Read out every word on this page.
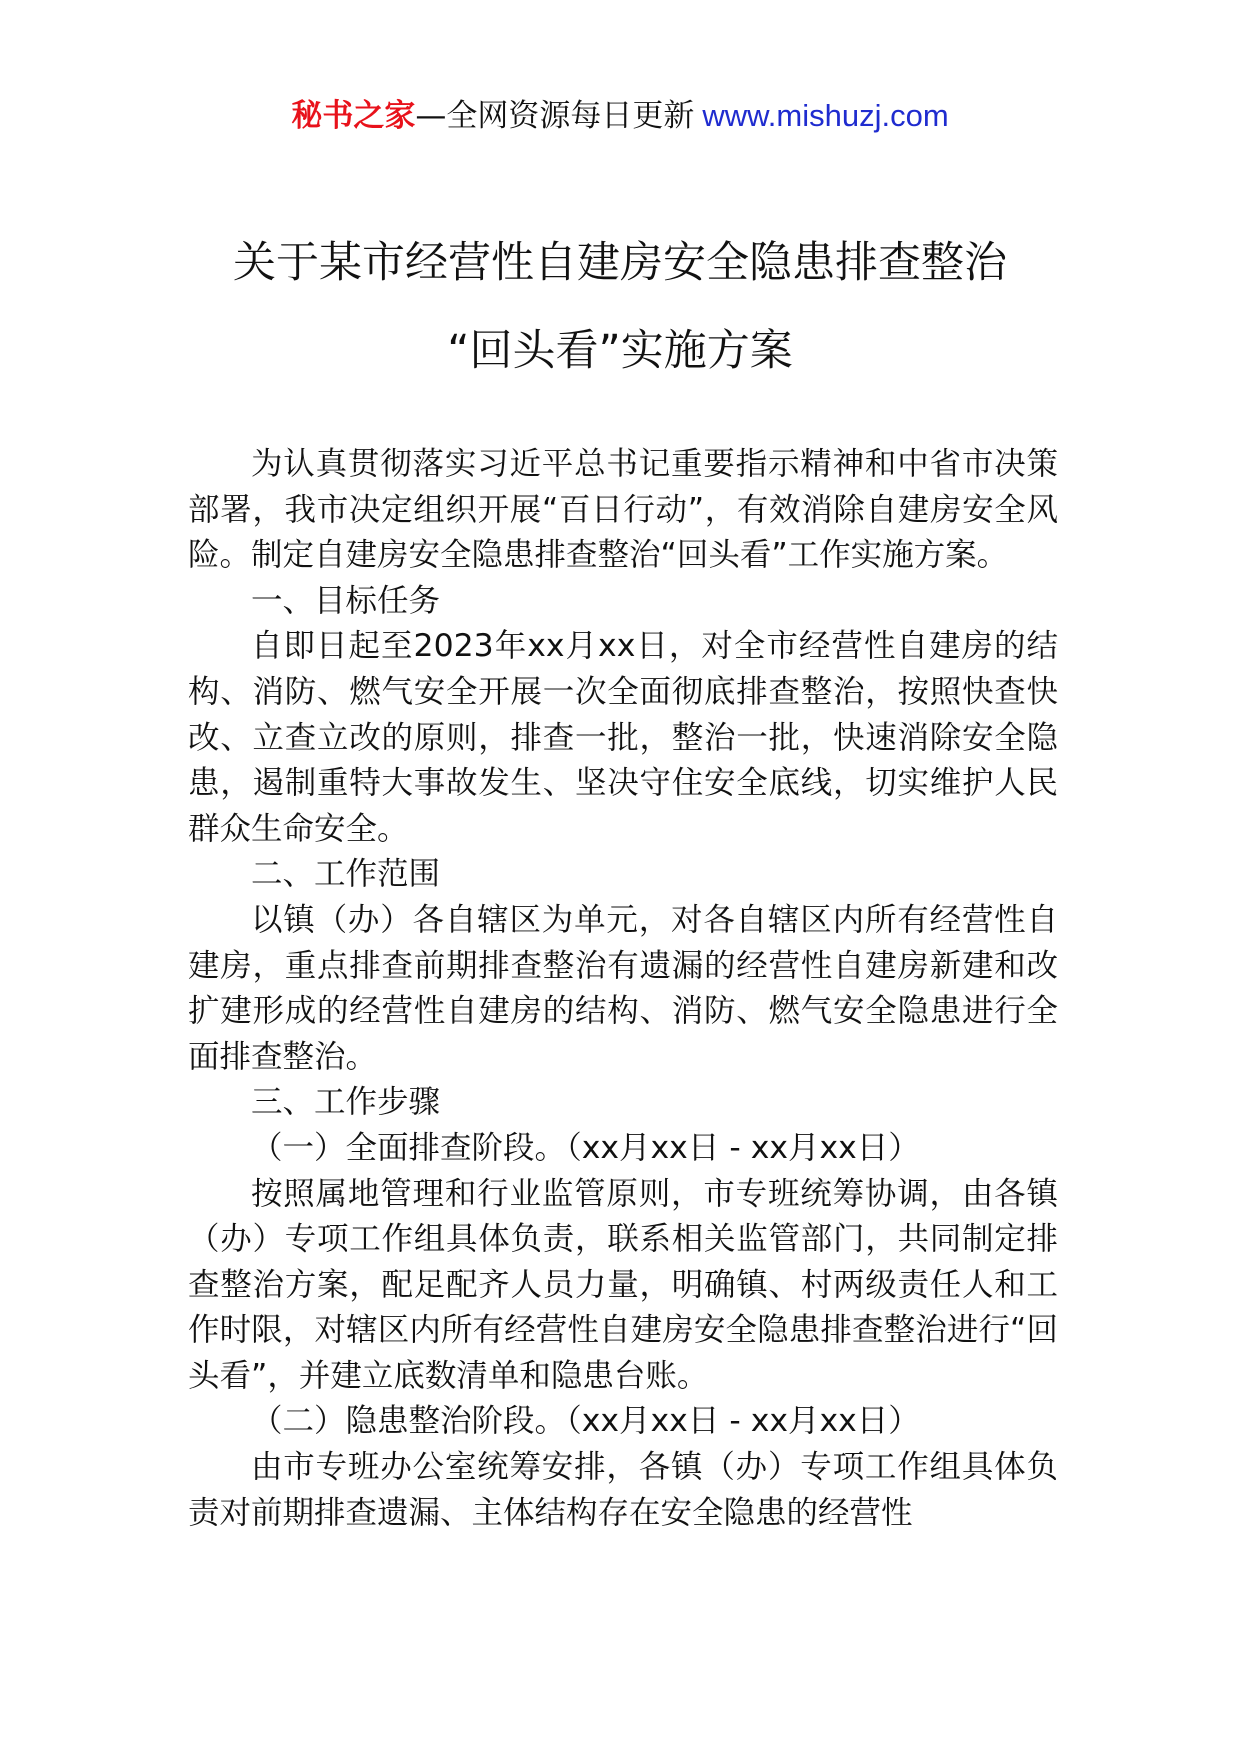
秘书之家—全网资源每日更新 www.mishuzj.com
关于某市经营性自建房安全隐患排查整治
“回头看”实施方案

为认真贯彻落实习近平总书记重要指示精神和中省市决策部署，我市决定组织开展“百日行动”，有效消除自建房安全风险。制定自建房安全隐患排查整治“回头看”工作实施方案。

一、目标任务

自即日起至2023年xx月xx日，对全市经营性自建房的结构、消防、燃气安全开展一次全面彻底排查整治，按照快查快改、立查立改的原则，排查一批，整治一批，快速消除安全隐患，遏制重特大事故发生、坚决守住安全底线，切实维护人民群众生命安全。

二、工作范围

以镇（办）各自辖区为单元，对各自辖区内所有经营性自建房，重点排查前期排查整治有遗漏的经营性自建房新建和改扩建形成的经营性自建房的结构、消防、燃气安全隐患进行全面排查整治。

三、工作步骤

（一）全面排查阶段。（xx月xx日 - xx月xx日）

按照属地管理和行业监管原则，市专班统筹协调，由各镇（办）专项工作组具体负责，联系相关监管部门，共同制定排查整治方案，配足配齐人员力量，明确镇、村两级责任人和工作时限，对辖区内所有经营性自建房安全隐患排查整治进行“回头看”，并建立底数清单和隐患台账。

（二）隐患整治阶段。（xx月xx日 - xx月xx日）

由市专班办公室统筹安排，各镇（办）专项工作组具体负责对前期排查遗漏、主体结构存在安全隐患的经营性
